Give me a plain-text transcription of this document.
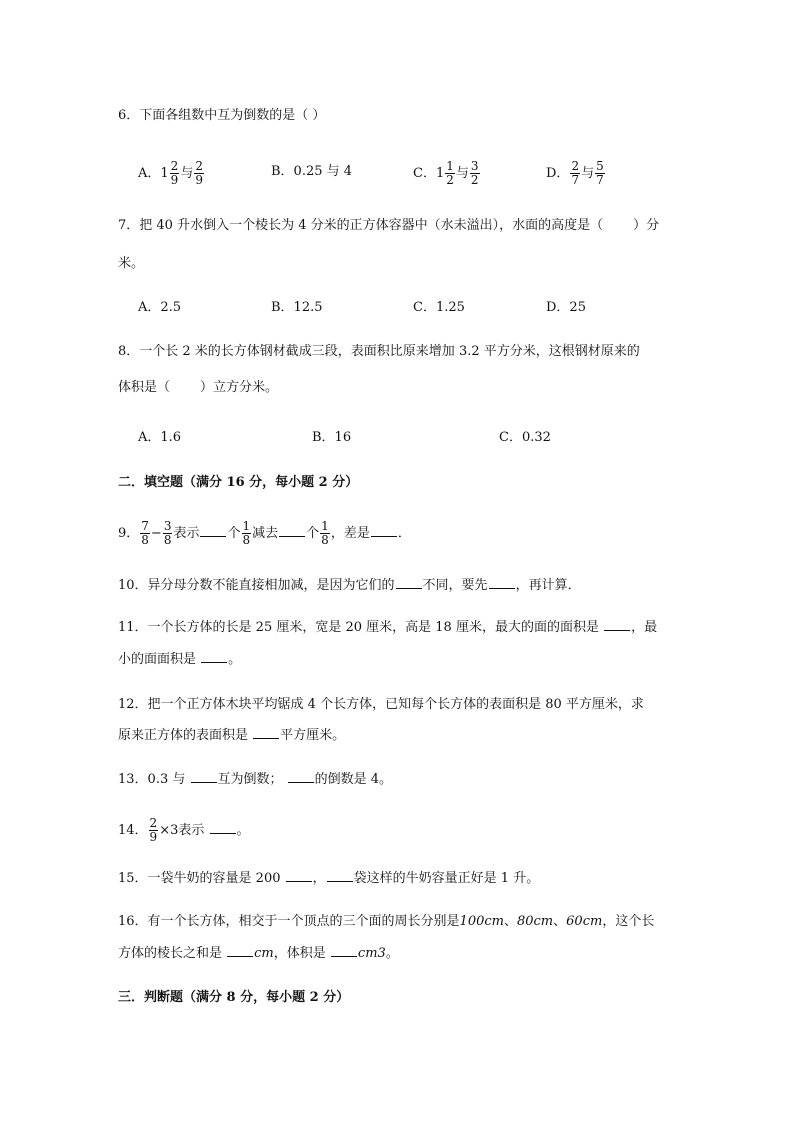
6．下面各组数中互为倒数的是（ ）
A．$1 \frac{2}{9}$ 与 $\frac{2}{9}$	B．0.25 与 4	C．$1 \frac{1}{2}$ 与 $\frac{3}{2}$	D． $\frac{2}{7}$ 与 $\frac{5}{7}$
7．把 40 升水倒入一个棱长为 4 分米的正方体容器中（水未溢出），水面的高度是（ ）分
米。
A．2.5	B．12.5	C．1.25	D．25
8．一个长 2 米的长方体钢材截成三段，表面积比原来增加 3.2 平方分米，这根钢材原来的
体积是（ ）立方分米。
A．1.6	B．16	C．0.32
二．填空题（满分 16 分，每小题 2 分）
9． $\frac{7}{8} - \frac{3}{8}$ 表示 个 $\frac{1}{8}$ 减去 个 $\frac{1}{8}$ ，差是 ．
10．异分母分数不能直接相加减，是因为它们的 不同，要先 ，再计算．
11．一个长方体的长是 25 厘米，宽是 20 厘米，高是 18 厘米，最大的面的面积是 ，最
小的面面积是 。
12．把一个正方体木块平均锯成 4 个长方体，已知每个长方体的表面积是 80 平方厘米，求
原来正方体的表面积是 平方厘米。
13．0.3 与 互为倒数； 的倒数是 4。
14． $\frac{2}{9} \times 3$表示 。
15．一袋牛奶的容量是 200 ， 袋这样的牛奶容量正好是 1 升。
16．有一个长方体，相交于一个顶点的三个面的周长分别是100cm、80cm、60cm，这个长
方体的棱长之和是 cm，体积是 cm3。
三．判断题（满分 8 分，每小题 2 分）
